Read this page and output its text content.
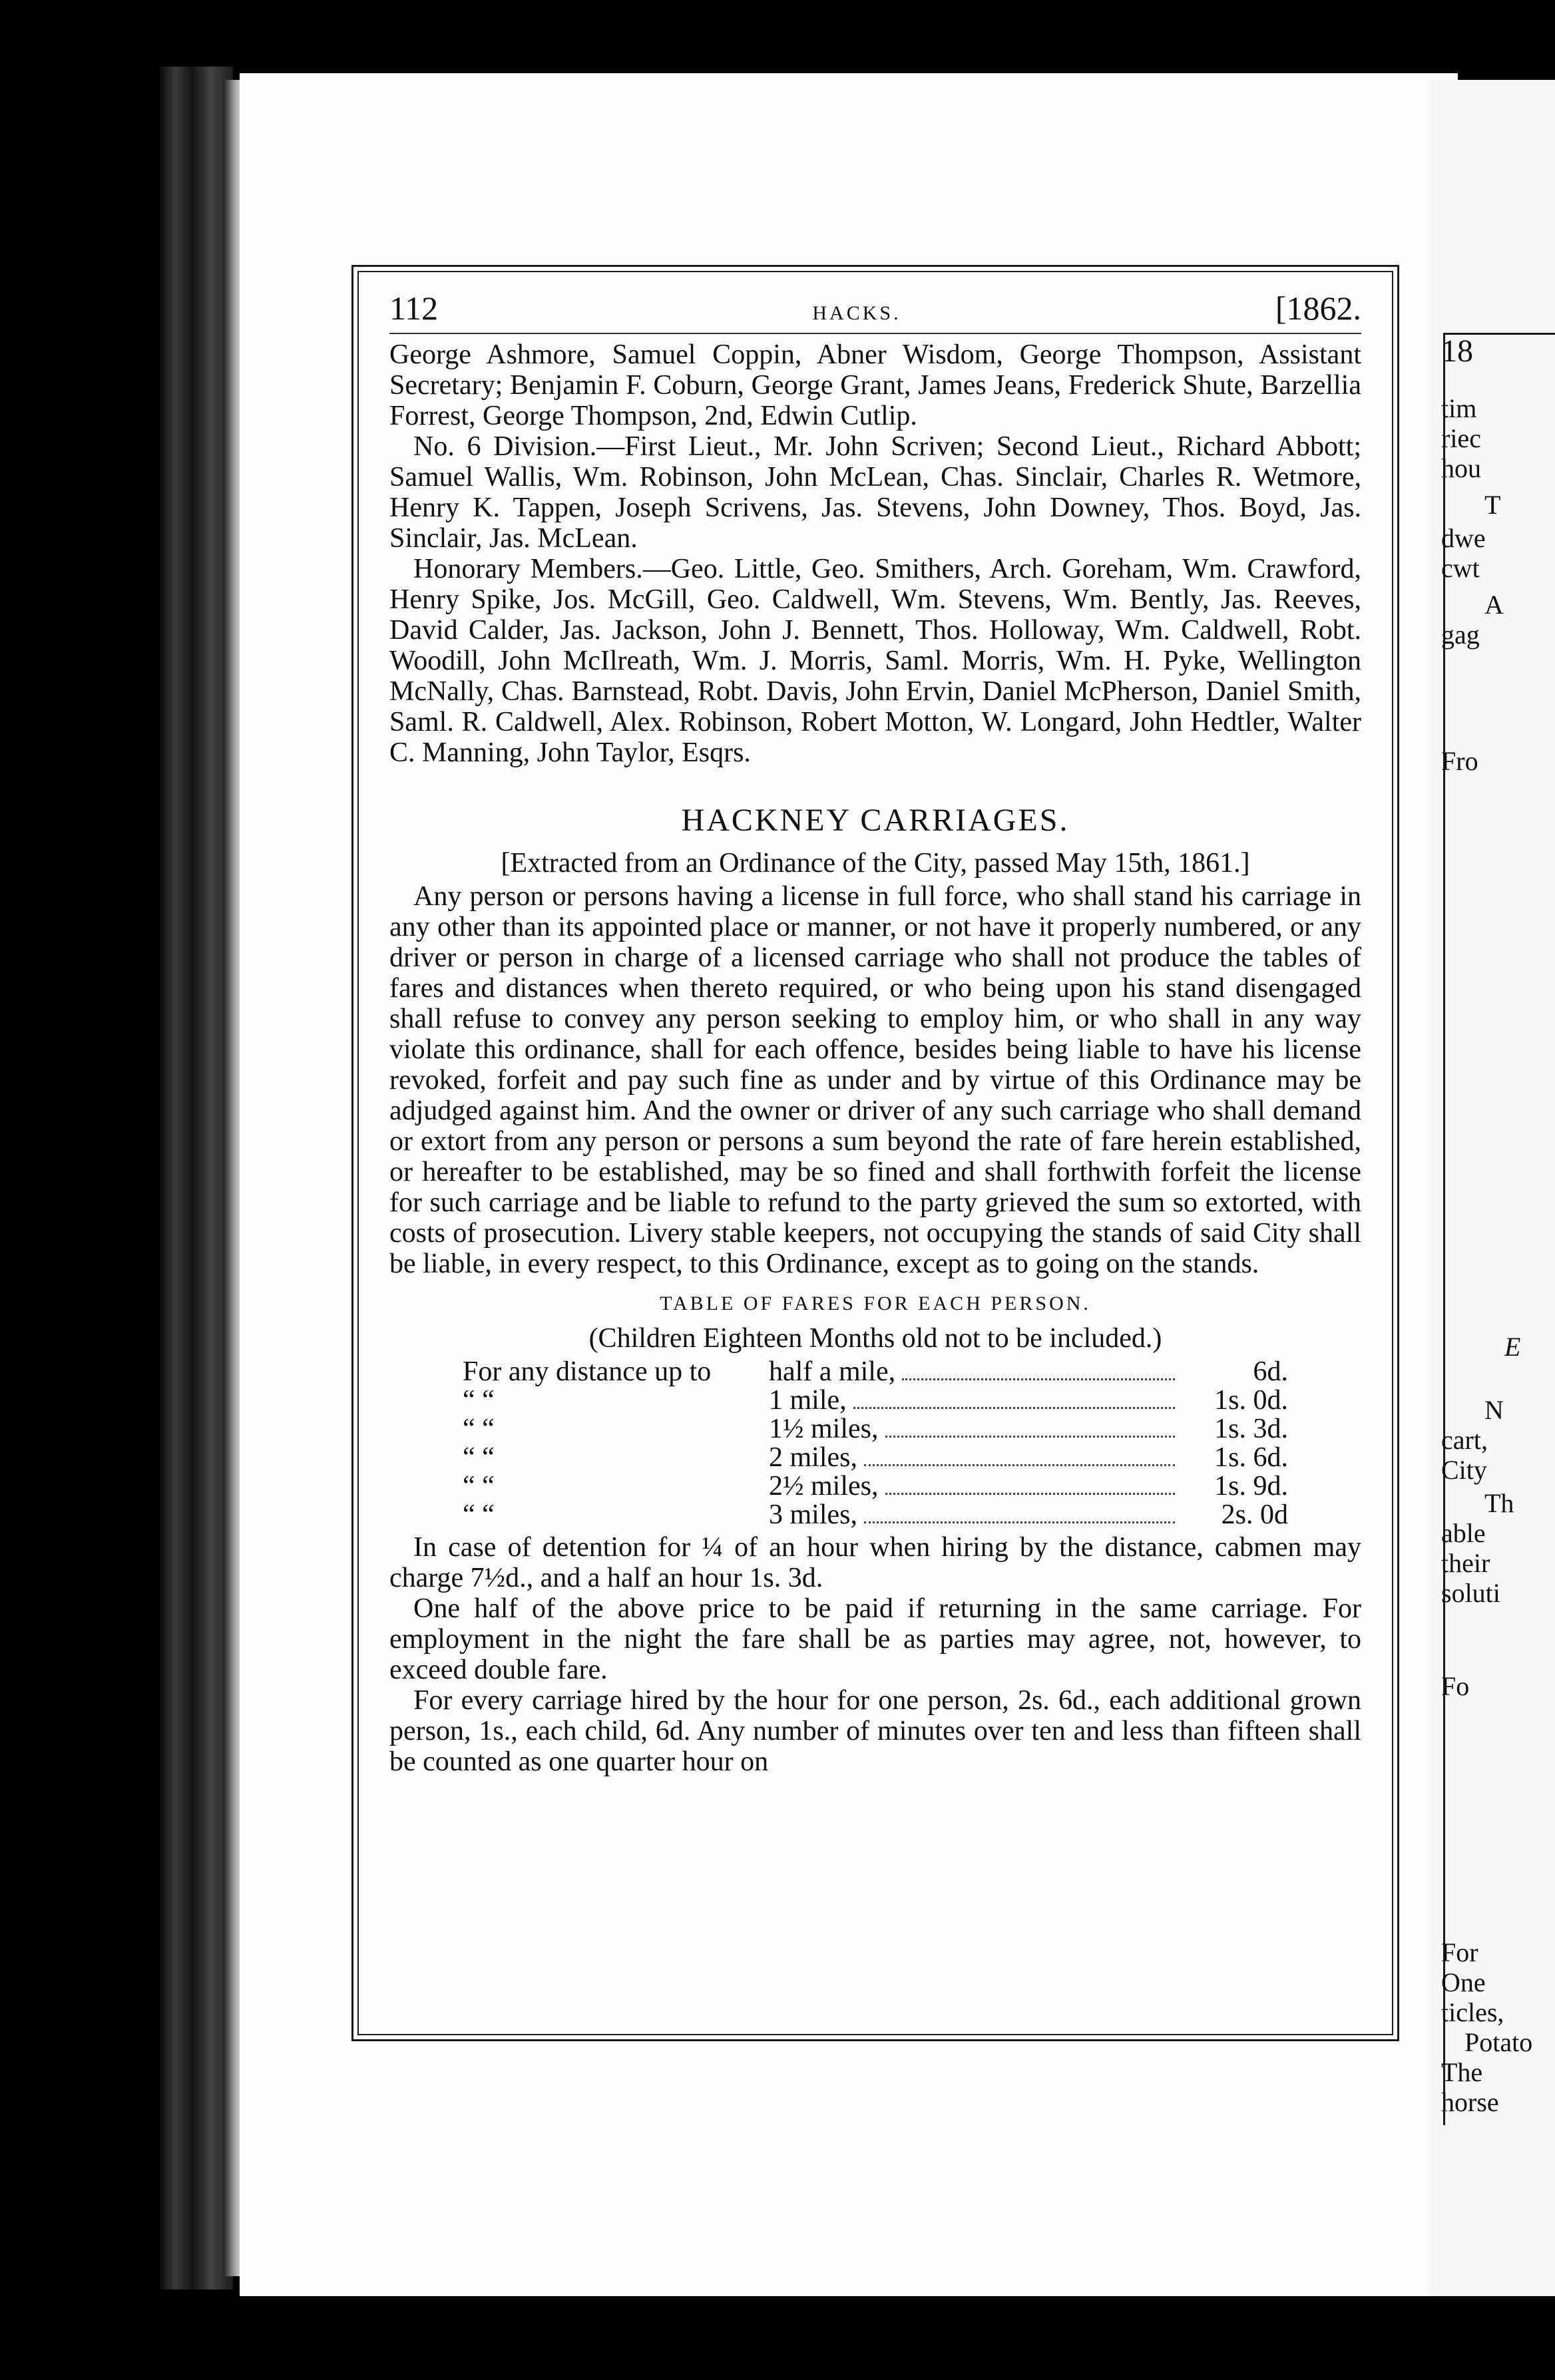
18
tim
riec
hou
T
dwe
cwt
A
gag
Fro
E
N
cart,
City
Th
able
their
soluti
Fo
For
One
ticles,
Potato
The
horse
112	HACKS.	[1862.

George Ashmore, Samuel Coppin, Abner Wisdom, George Thompson, Assistant Secretary; Benjamin F. Coburn, George Grant, James Jeans, Frederick Shute, Barzellia Forrest, George Thompson, 2nd, Edwin Cutlip.

No. 6 Division.—First Lieut., Mr. John Scriven; Second Lieut., Richard Abbott; Samuel Wallis, Wm. Robinson, John McLean, Chas. Sinclair, Charles R. Wetmore, Henry K. Tappen, Joseph Scrivens, Jas. Stevens, John Downey, Thos. Boyd, Jas. Sinclair, Jas. McLean.

Honorary Members.—Geo. Little, Geo. Smithers, Arch. Goreham, Wm. Crawford, Henry Spike, Jos. McGill, Geo. Caldwell, Wm. Stevens, Wm. Bently, Jas. Reeves, David Calder, Jas. Jackson, John J. Bennett, Thos. Holloway, Wm. Caldwell, Robt. Woodill, John McIlreath, Wm. J. Morris, Saml. Morris, Wm. H. Pyke, Wellington McNally, Chas. Barnstead, Robt. Davis, John Ervin, Daniel McPherson, Daniel Smith, Saml. R. Caldwell, Alex. Robinson, Robert Motton, W. Longard, John Hedtler, Walter C. Manning, John Taylor, Esqrs.

HACKNEY CARRIAGES.
[Extracted from an Ordinance of the City, passed May 15th, 1861.]

Any person or persons having a license in full force, who shall stand his carriage in any other than its appointed place or manner, or not have it properly numbered, or any driver or person in charge of a licensed carriage who shall not produce the tables of fares and distances when thereto required, or who being upon his stand disengaged shall refuse to convey any person seeking to employ him, or who shall in any way violate this ordinance, shall for each offence, besides being liable to have his license revoked, forfeit and pay such fine as under and by virtue of this Ordinance may be adjudged against him. And the owner or driver of any such carriage who shall demand or extort from any person or persons a sum beyond the rate of fare herein established, or hereafter to be established, may be so fined and shall forthwith forfeit the license for such carriage and be liable to refund to the party grieved the sum so extorted, with costs of prosecution. Livery stable keepers, not occupying the stands of said City shall be liable, in every respect, to this Ordinance, except as to going on the stands.

TABLE OF FARES FOR EACH PERSON.
(Children Eighteen Months old not to be included.)
For any distance up to	half a mile,	6d.
“ “	1 mile,	1s. 0d.
“ “	1½ miles,	1s. 3d.
“ “	2 miles,	1s. 6d.
“ “	2½ miles,	1s. 9d.
“ “	3 miles,	2s. 0d

In case of detention for ¼ of an hour when hiring by the distance, cabmen may charge 7½d., and a half an hour 1s. 3d.

One half of the above price to be paid if returning in the same carriage. For employment in the night the fare shall be as parties may agree, not, however, to exceed double fare.

For every carriage hired by the hour for one person, 2s. 6d., each additional grown person, 1s., each child, 6d. Any number of minutes over ten and less than fifteen shall be counted as one quarter hour on
